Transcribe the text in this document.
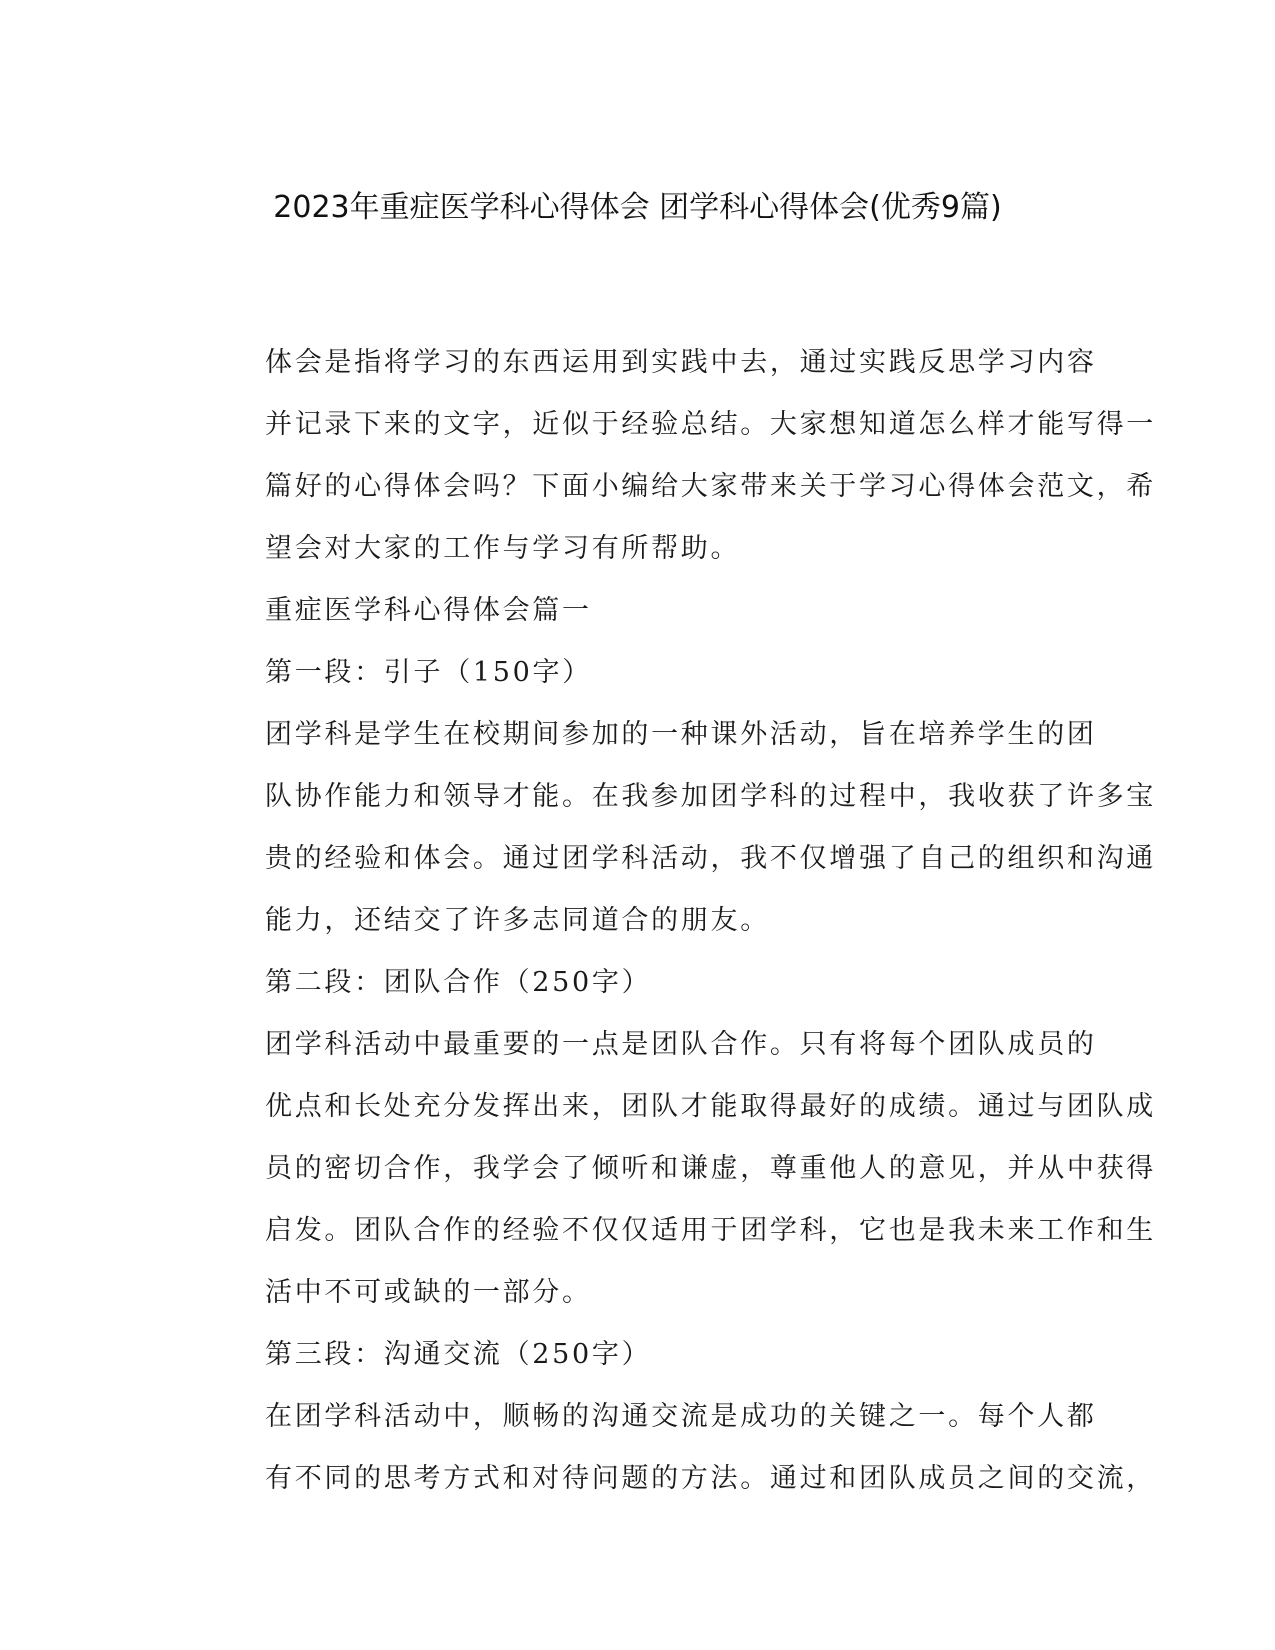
2023年重症医学科心得体会 团学科心得体会(优秀9篇)

体会是指将学习的东西运用到实践中去，通过实践反思学习内容
并记录下来的文字，近似于经验总结。大家想知道怎么样才能写得一
篇好的心得体会吗？下面小编给大家带来关于学习心得体会范文，希
望会对大家的工作与学习有所帮助。

重症医学科心得体会篇一

第一段：引子（150字）

团学科是学生在校期间参加的一种课外活动，旨在培养学生的团
队协作能力和领导才能。在我参加团学科的过程中，我收获了许多宝
贵的经验和体会。通过团学科活动，我不仅增强了自己的组织和沟通
能力，还结交了许多志同道合的朋友。

第二段：团队合作（250字）

团学科活动中最重要的一点是团队合作。只有将每个团队成员的
优点和长处充分发挥出来，团队才能取得最好的成绩。通过与团队成
员的密切合作，我学会了倾听和谦虚，尊重他人的意见，并从中获得
启发。团队合作的经验不仅仅适用于团学科，它也是我未来工作和生
活中不可或缺的一部分。

第三段：沟通交流（250字）

在团学科活动中，顺畅的沟通交流是成功的关键之一。每个人都
有不同的思考方式和对待问题的方法。通过和团队成员之间的交流，
